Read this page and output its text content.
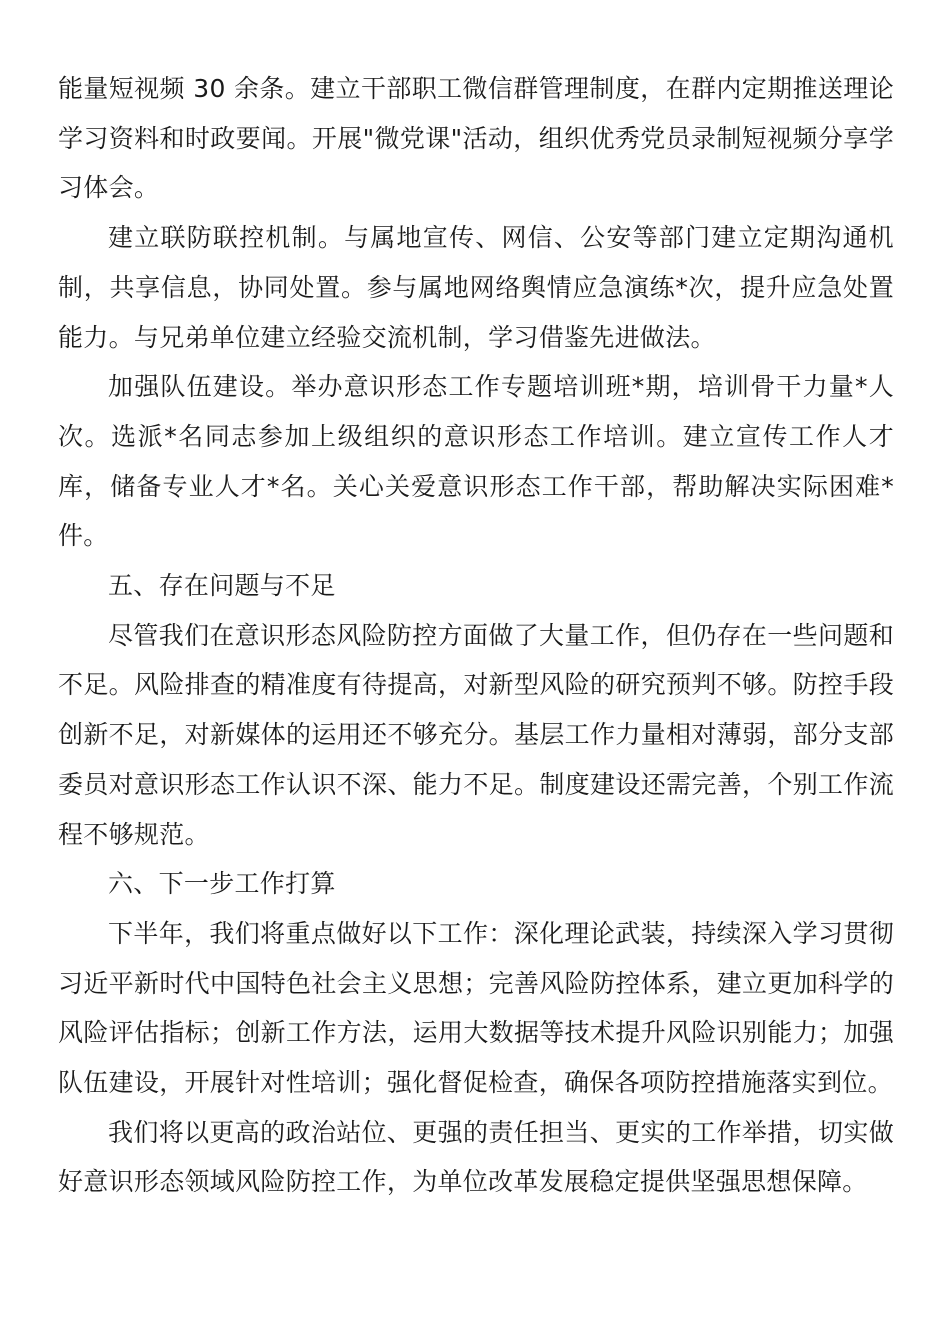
能量短视频 30 余条。建立干部职工微信群管理制度，在群内定期推送理论学习资料和时政要闻。开展"微党课"活动，组织优秀党员录制短视频分享学习体会。

建立联防联控机制。与属地宣传、网信、公安等部门建立定期沟通机制，共享信息，协同处置。参与属地网络舆情应急演练*次，提升应急处置能力。与兄弟单位建立经验交流机制，学习借鉴先进做法。

加强队伍建设。举办意识形态工作专题培训班*期，培训骨干力量*人次。选派*名同志参加上级组织的意识形态工作培训。建立宣传工作人才库，储备专业人才*名。关心关爱意识形态工作干部，帮助解决实际困难*件。

五、存在问题与不足

尽管我们在意识形态风险防控方面做了大量工作，但仍存在一些问题和不足。风险排查的精准度有待提高，对新型风险的研究预判不够。防控手段创新不足，对新媒体的运用还不够充分。基层工作力量相对薄弱，部分支部委员对意识形态工作认识不深、能力不足。制度建设还需完善，个别工作流程不够规范。

六、下一步工作打算

下半年，我们将重点做好以下工作：深化理论武装，持续深入学习贯彻习近平新时代中国特色社会主义思想；完善风险防控体系，建立更加科学的风险评估指标；创新工作方法，运用大数据等技术提升风险识别能力；加强队伍建设，开展针对性培训；强化督促检查，确保各项防控措施落实到位。

我们将以更高的政治站位、更强的责任担当、更实的工作举措，切实做好意识形态领域风险防控工作，为单位改革发展稳定提供坚强思想保障。
